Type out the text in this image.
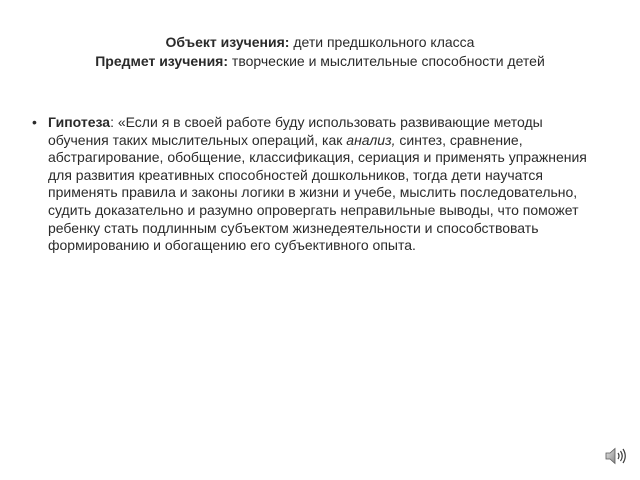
Объект изучения: дети предшкольного класса
Предмет изучения: творческие и мыслительные способности детей
• Гипотеза: «Если я в своей работе буду использовать развивающие методы
обучения таких мыслительных операций, как анализ, синтез, сравнение,
абстрагирование, обобщение, классификация, сериация и применять упражнения
для развития креативных способностей дошкольников, тогда дети научатся
применять правила и законы логики в жизни и учебе, мыслить последовательно,
судить доказательно и разумно опровергать неправильные выводы, что поможет
ребенку стать подлинным субъектом жизнедеятельности и способствовать
формированию и обогащению его субъективного опыта.
